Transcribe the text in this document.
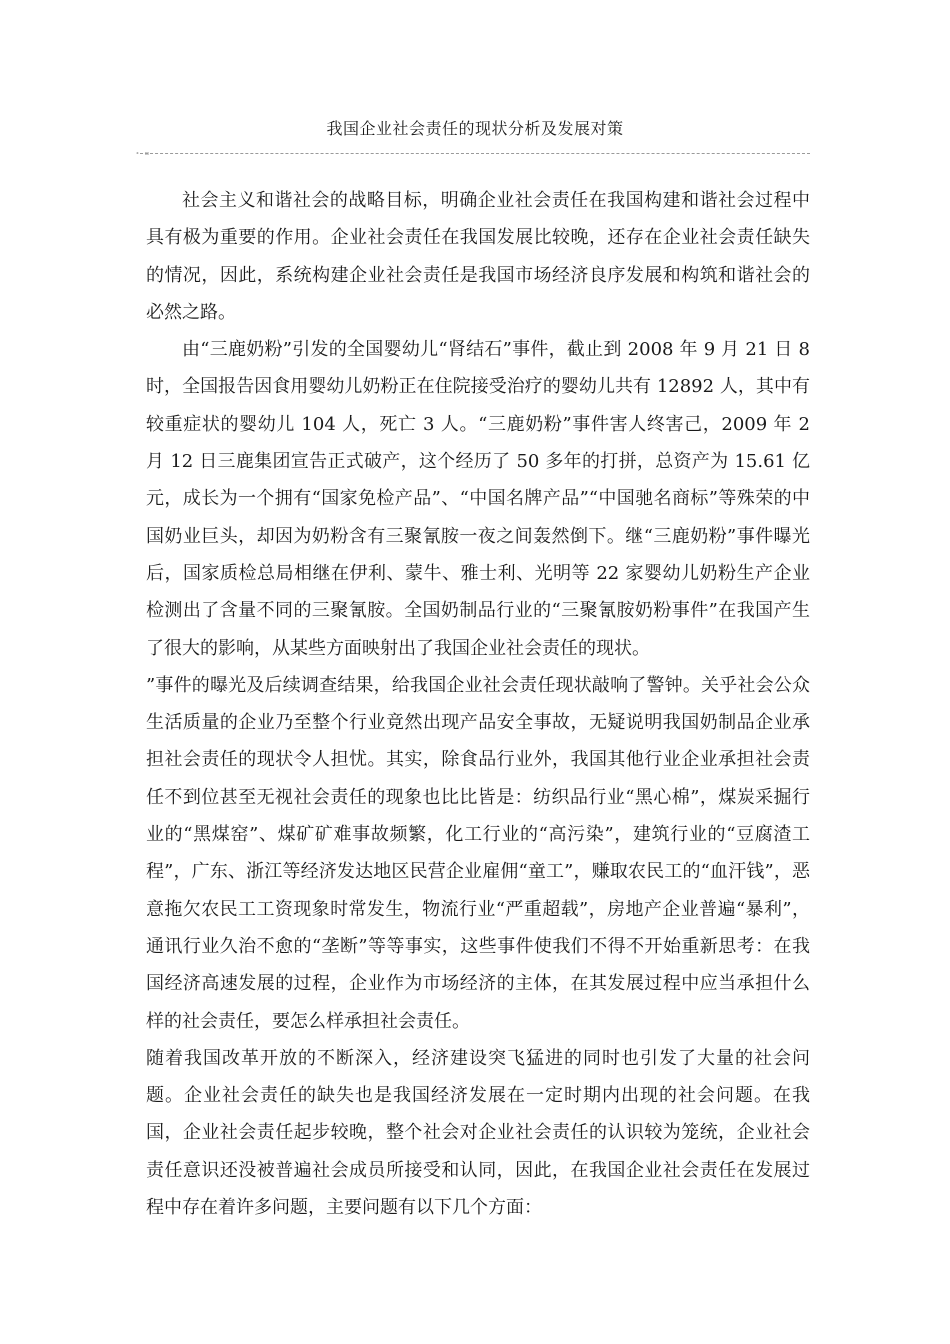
我国企业社会责任的现状分析及发展对策
∘ ▫

社会主义和谐社会的战略目标，明确企业社会责任在我国构建和谐社会过程中具有极为重要的作用。企业社会责任在我国发展比较晚，还存在企业社会责任缺失的情况，因此，系统构建企业社会责任是我国市场经济良序发展和构筑和谐社会的必然之路。

由“三鹿奶粉”引发的全国婴幼儿“肾结石”事件，截止到 2008 年 9 月 21 日 8 时，全国报告因食用婴幼儿奶粉正在住院接受治疗的婴幼儿共有 12892 人，其中有较重症状的婴幼儿 104 人，死亡 3 人。“三鹿奶粉”事件害人终害己，2009 年 2 月 12 日三鹿集团宣告正式破产，这个经历了 50 多年的打拼，总资产为 15.61 亿元，成长为一个拥有“国家免检产品”、“中国名牌产品”“中国驰名商标”等殊荣的中国奶业巨头，却因为奶粉含有三聚氰胺一夜之间轰然倒下。继“三鹿奶粉”事件曝光后，国家质检总局相继在伊利、蒙牛、雅士利、光明等 22 家婴幼儿奶粉生产企业检测出了含量不同的三聚氰胺。全国奶制品行业的“三聚氰胺奶粉事件”在我国产生了很大的影响，从某些方面映射出了我国企业社会责任的现状。

”事件的曝光及后续调查结果，给我国企业社会责任现状敲响了警钟。关乎社会公众生活质量的企业乃至整个行业竟然出现产品安全事故，无疑说明我国奶制品企业承担社会责任的现状令人担忧。其实，除食品行业外，我国其他行业企业承担社会责任不到位甚至无视社会责任的现象也比比皆是：纺织品行业“黑心棉”，煤炭采掘行业的“黑煤窑”、煤矿矿难事故频繁，化工行业的“高污染”，建筑行业的“豆腐渣工程”，广东、浙江等经济发达地区民营企业雇佣“童工”，赚取农民工的“血汗钱”，恶意拖欠农民工工资现象时常发生，物流行业“严重超载”，房地产企业普遍“暴利”，通讯行业久治不愈的“垄断”等等事实，这些事件使我们不得不开始重新思考：在我国经济高速发展的过程，企业作为市场经济的主体，在其发展过程中应当承担什么样的社会责任，要怎么样承担社会责任。

随着我国改革开放的不断深入，经济建设突飞猛进的同时也引发了大量的社会问题。企业社会责任的缺失也是我国经济发展在一定时期内出现的社会问题。在我国，企业社会责任起步较晚，整个社会对企业社会责任的认识较为笼统，企业社会责任意识还没被普遍社会成员所接受和认同，因此，在我国企业社会责任在发展过程中存在着许多问题，主要问题有以下几个方面：
